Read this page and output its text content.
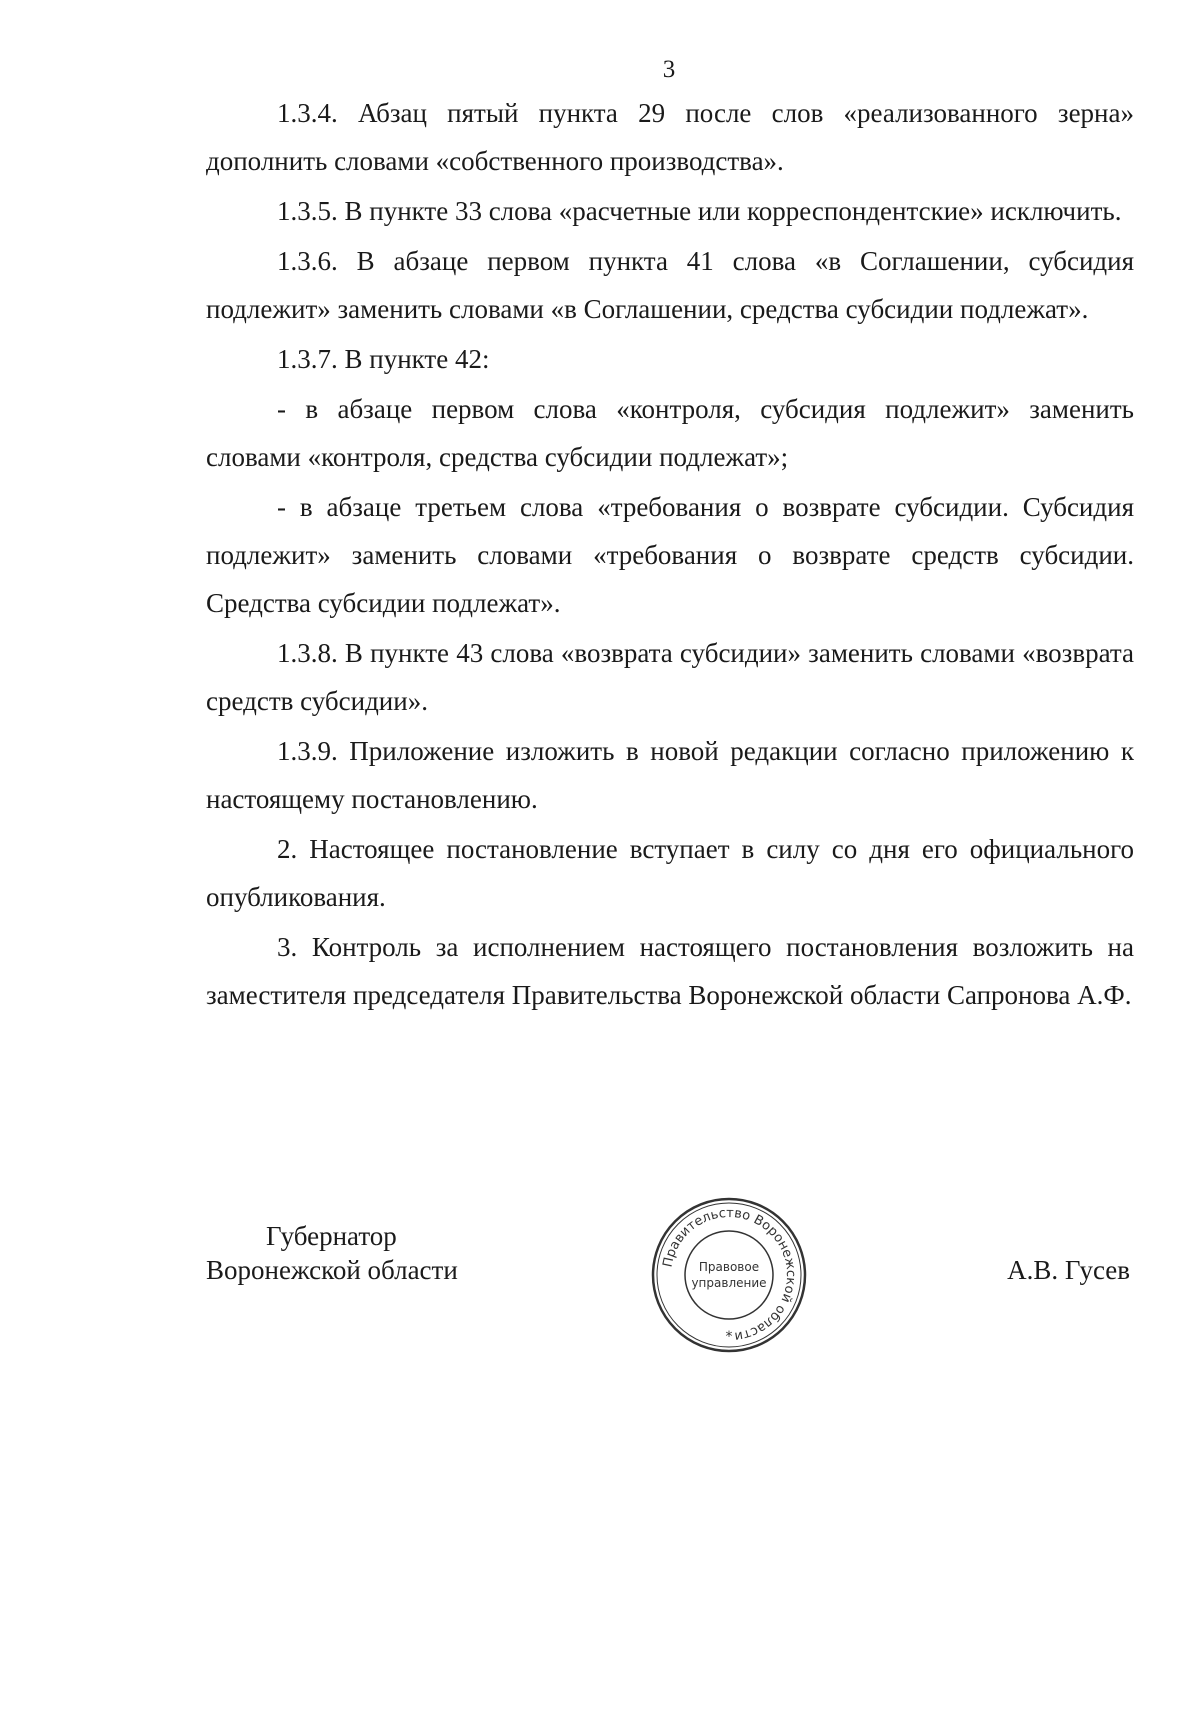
3

1.3.4. Абзац пятый пункта 29 после слов «реализованного зерна» дополнить словами «собственного производства».

1.3.5. В пункте 33 слова «расчетные или корреспондентские» исключить.

1.3.6. В абзаце первом пункта 41 слова «в Соглашении, субсидия подлежит» заменить словами «в Соглашении, средства субсидии подлежат».

1.3.7. В пункте 42:

- в абзаце первом слова «контроля, субсидия подлежит» заменить словами «контроля, средства субсидии подлежат»;

- в абзаце третьем слова «требования о возврате субсидии. Субсидия подлежит» заменить словами «требования о возврате средств субсидии. Средства субсидии подлежат».

1.3.8. В пункте 43 слова «возврата субсидии» заменить словами «возврата средств субсидии».

1.3.9. Приложение изложить в новой редакции согласно приложению к настоящему постановлению.

2. Настоящее постановление вступает в силу со дня его официального опубликования.

3. Контроль за исполнением настоящего постановления возложить на заместителя председателя Правительства Воронежской области Сапронова А.Ф.

Губернатор
Воронежской области	Правительство Воронежской области
Правовое
управление
*
А.В. Гусев
